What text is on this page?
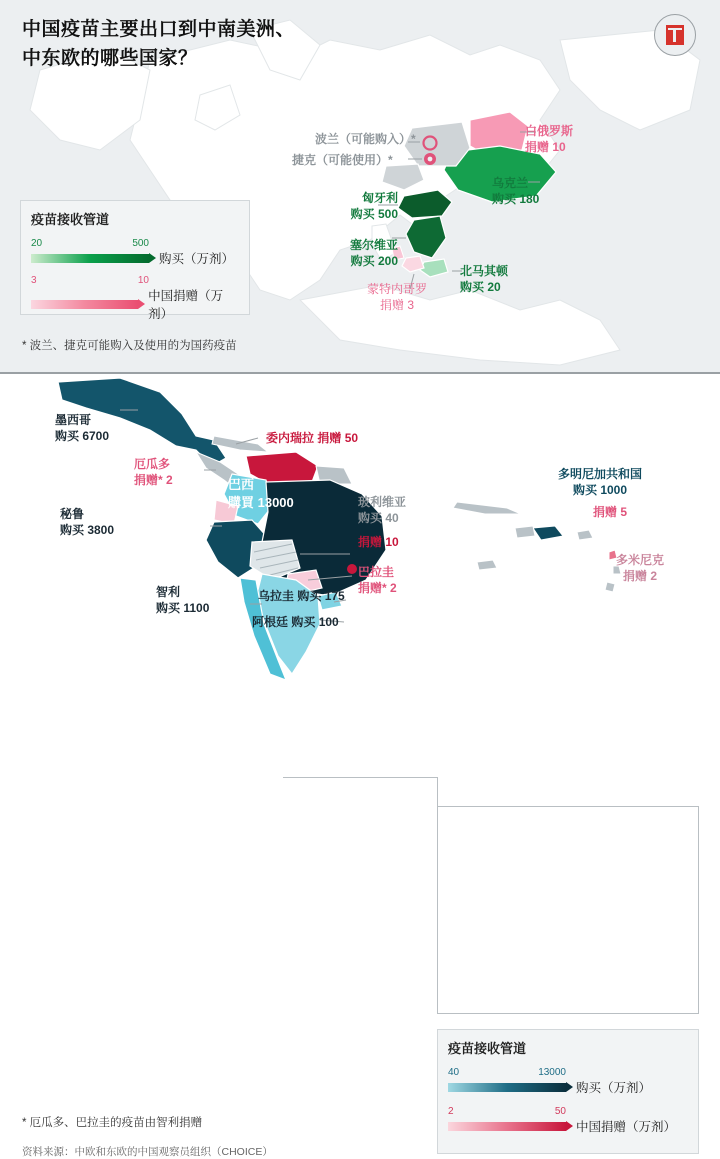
中国疫苗主要出口到中南美洲、
中东欧的哪些国家？
波兰（可能购入）*
捷克（可能使用）*
白俄罗斯
捐赠 10
乌克兰
购买 180
匈牙利
购买 500
塞尔维亚
购买 200
北马其顿
购买 20
蒙特内哥罗
捐赠 3
疫苗接收管道
20	500
购买（万剂）
3	10
中国捐赠（万剂）
* 波兰、捷克可能购入及使用的为国药疫苗
墨西哥
购买 6700	委内瑞拉 捐赠 50
厄瓜多
捐赠* 2
秘鲁
购买 3800
巴西
購買 13000	玻利维亚
购买 40
捐赠 10
巴拉圭
捐赠* 2
智利
购买 1100
乌拉圭 购买 175
阿根廷 购买 100
多明尼加共和国
购买 1000
捐赠 5
多米尼克
捐赠 2
疫苗接收管道
40	13000
购买（万剂）
2	50
中国捐赠（万剂）
* 厄瓜多、巴拉圭的疫苗由智利捐赠
资料来源：中欧和东欧的中国观察员组织（CHOICE）
